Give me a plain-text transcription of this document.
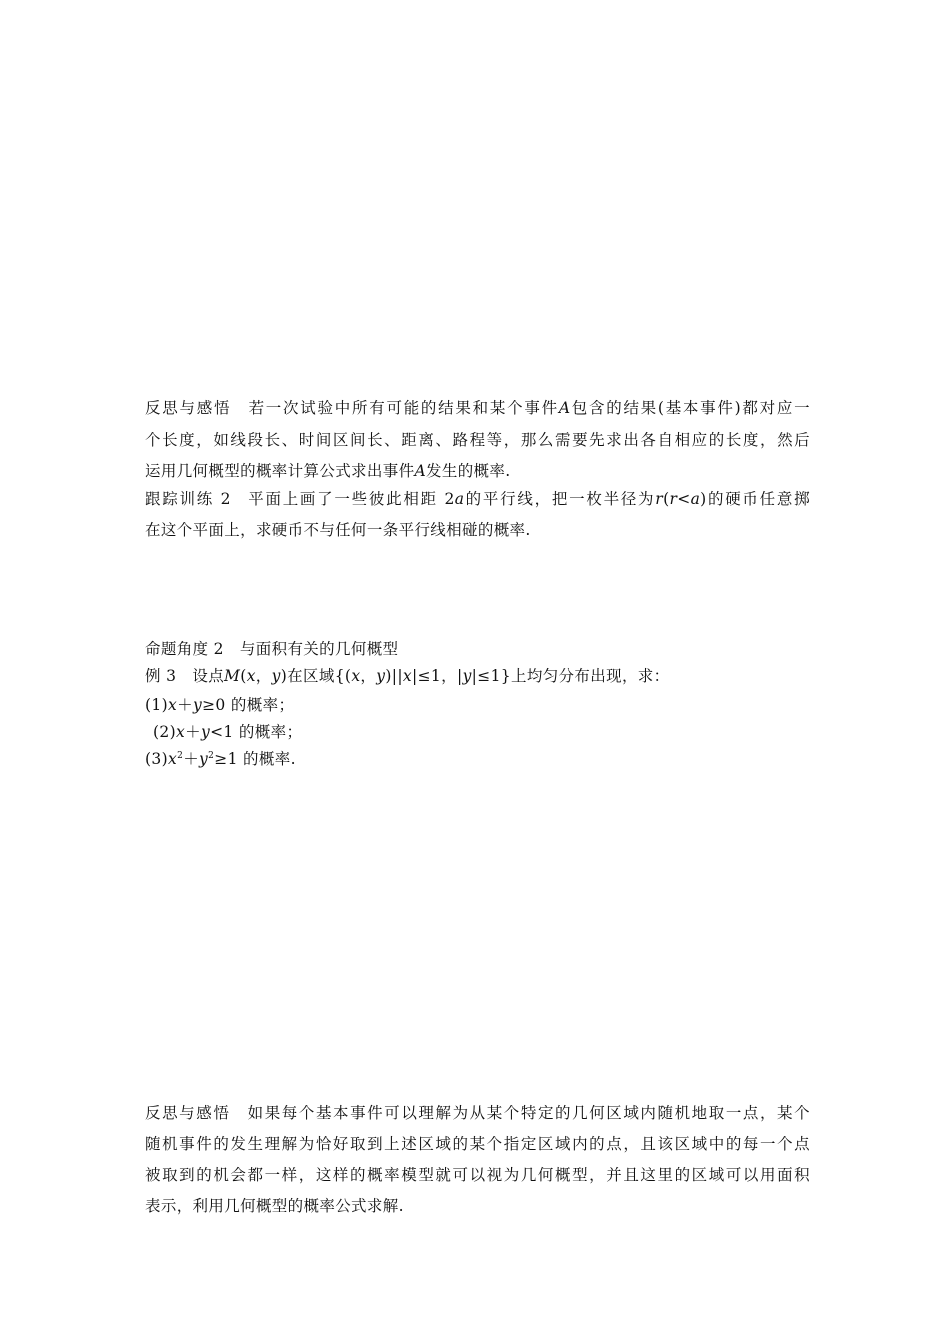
反思与感悟 若一次试验中所有可能的结果和某个事件A包含的结果(基本事件)都对应一
个长度，如线段长、时间区间长、距离、路程等，那么需要先求出各自相应的长度，然后
运用几何概型的概率计算公式求出事件A发生的概率.
跟踪训练 2 平面上画了一些彼此相距 2a的平行线，把一枚半径为r(r<a)的硬币任意掷
在这个平面上，求硬币不与任何一条平行线相碰的概率.
命题角度 2 与面积有关的几何概型
例 3 设点M(x，y)在区域{(x，y)||x|≤1，|y|≤1}上均匀分布出现，求：
(1)x＋y≥0 的概率；
(2)x＋y<1 的概率；
$(3)x^2+y^2\ge 1$ 的概率.
反思与感悟 如果每个基本事件可以理解为从某个特定的几何区域内随机地取一点，某个
随机事件的发生理解为恰好取到上述区域的某个指定区域内的点，且该区域中的每一个点
被取到的机会都一样，这样的概率模型就可以视为几何概型，并且这里的区域可以用面积
表示，利用几何概型的概率公式求解.
